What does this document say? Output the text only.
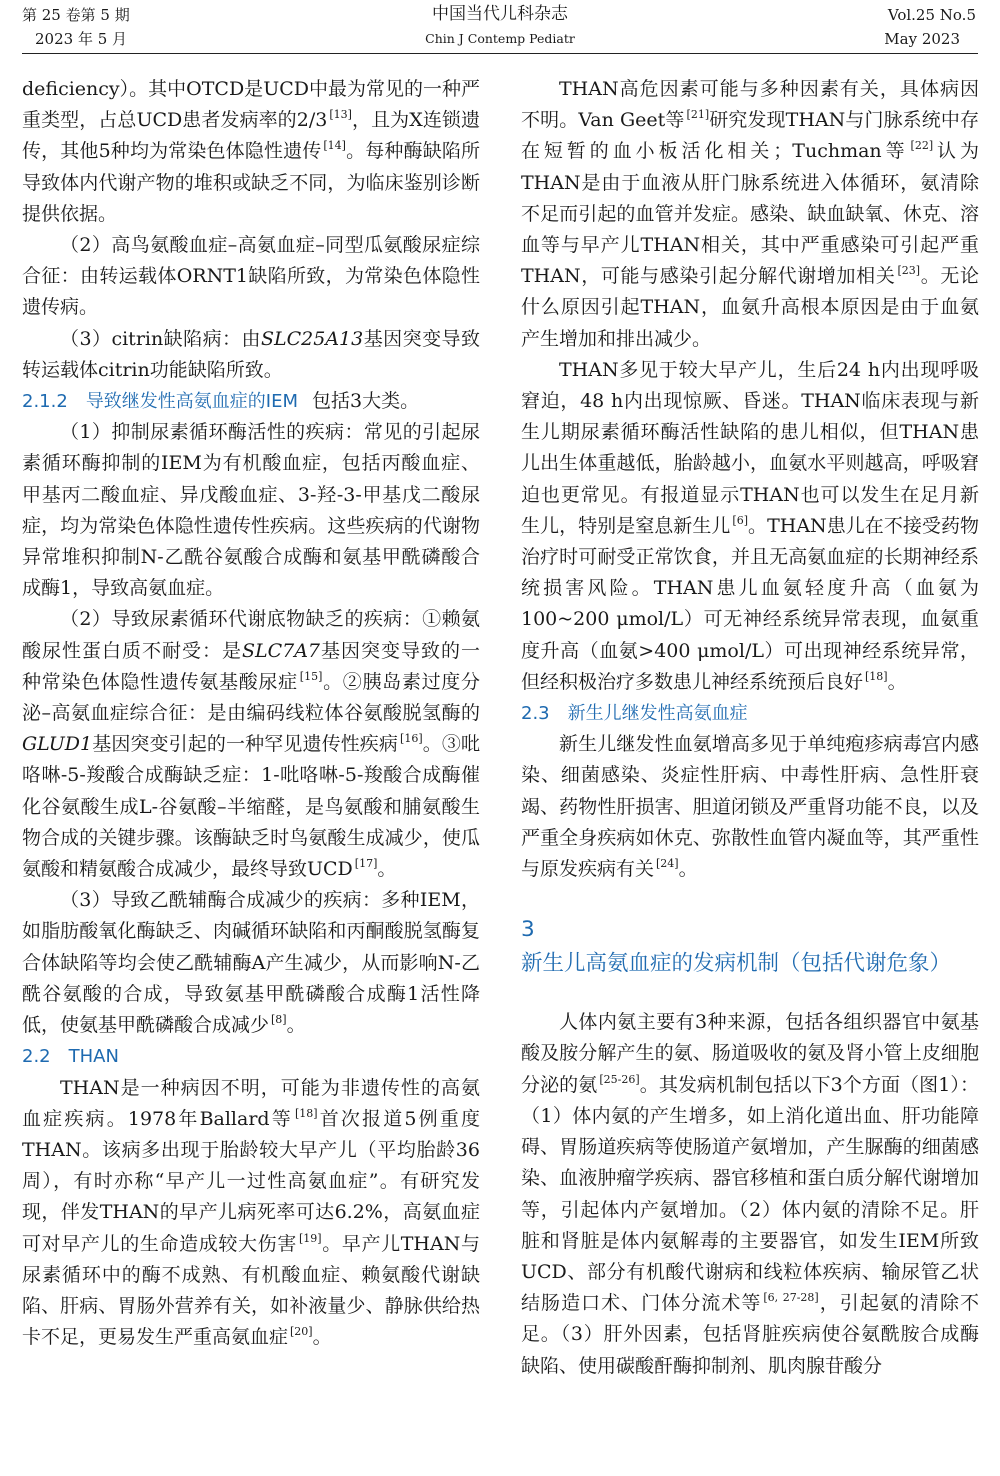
第 25 卷第 5 期

2023 年 5 月

中国当代儿科杂志

Chin J Contemp Pediatr

Vol.25 No.5

May 2023

deficiency）。其中OTCD是UCD中最为常见的一种严重类型，占总UCD患者发病率的2/3 [13]，且为X连锁遗传，其他5种均为常染色体隐性遗传 [14]。每种酶缺陷所导致体内代谢产物的堆积或缺乏不同，为临床鉴别诊断提供依据。

（2）高鸟氨酸血症–高氨血症–同型瓜氨酸尿症综合征：由转运载体ORNT1缺陷所致，为常染色体隐性遗传病。

（3）citrin缺陷病：由SLC25A13基因突变导致转运载体citrin功能缺陷所致。

2.1.2 导致继发性高氨血症的IEM 包括3大类。

（1）抑制尿素循环酶活性的疾病：常见的引起尿素循环酶抑制的IEM为有机酸血症，包括丙酸血症、甲基丙二酸血症、异戊酸血症、3-羟-3-甲基戊二酸尿症，均为常染色体隐性遗传性疾病。这些疾病的代谢物异常堆积抑制N-乙酰谷氨酸合成酶和氨基甲酰磷酸合成酶1，导致高氨血症。

（2）导致尿素循环代谢底物缺乏的疾病：①赖氨酸尿性蛋白质不耐受：是SLC7A7基因突变导致的一种常染色体隐性遗传氨基酸尿症 [15]。②胰岛素过度分泌–高氨血症综合征：是由编码线粒体谷氨酸脱氢酶的GLUD1基因突变引起的一种罕见遗传性疾病 [16]。③吡咯啉-5-羧酸合成酶缺乏症：1-吡咯啉-5-羧酸合成酶催化谷氨酸生成L-谷氨酸–半缩醛，是鸟氨酸和脯氨酸生物合成的关键步骤。该酶缺乏时鸟氨酸生成减少，使瓜氨酸和精氨酸合成减少，最终导致UCD [17]。

（3）导致乙酰辅酶合成减少的疾病：多种IEM，如脂肪酸氧化酶缺乏、肉碱循环缺陷和丙酮酸脱氢酶复合体缺陷等均会使乙酰辅酶A产生减少，从而影响N-乙酰谷氨酸的合成，导致氨基甲酰磷酸合成酶1活性降低，使氨基甲酰磷酸合成减少 [8]。

2.2 THAN

THAN是一种病因不明，可能为非遗传性的高氨血症疾病。1978年Ballard等 [18]首次报道5例重度THAN。该病多出现于胎龄较大早产儿（平均胎龄36周），有时亦称“早产儿一过性高氨血症”。有研究发现，伴发THAN的早产儿病死率可达6.2%，高氨血症可对早产儿的生命造成较大伤害 [19]。早产儿THAN与尿素循环中的酶不成熟、有机酸血症、赖氨酸代谢缺陷、肝病、胃肠外营养有关，如补液量少、静脉供给热卡不足，更易发生严重高氨血症 [20]。

THAN高危因素可能与多种因素有关，具体病因不明。Van Geet等 [21]研究发现THAN与门脉系统中存在短暂的血小板活化相关；Tuchman等 [22]认为THAN是由于血液从肝门脉系统进入体循环，氨清除不足而引起的血管并发症。感染、缺血缺氧、休克、溶血等与早产儿THAN相关，其中严重感染可引起严重THAN，可能与感染引起分解代谢增加相关 [23]。无论什么原因引起THAN，血氨升高根本原因是由于血氨产生增加和排出减少。

THAN多见于较大早产儿，生后24 h内出现呼吸窘迫，48 h内出现惊厥、昏迷。THAN临床表现与新生儿期尿素循环酶活性缺陷的患儿相似，但THAN患儿出生体重越低，胎龄越小，血氨水平则越高，呼吸窘迫也更常见。有报道显示THAN也可以发生在足月新生儿，特别是窒息新生儿 [6]。THAN患儿在不接受药物治疗时可耐受正常饮食，并且无高氨血症的长期神经系统损害风险。THAN患儿血氨轻度升高（血氨为100~200 μmol/L）可无神经系统异常表现，血氨重度升高（血氨>400 μmol/L）可出现神经系统异常，但经积极治疗多数患儿神经系统预后良好 [18]。

2.3 新生儿继发性高氨血症

新生儿继发性血氨增高多见于单纯疱疹病毒宫内感染、细菌感染、炎症性肝病、中毒性肝病、急性肝衰竭、药物性肝损害、胆道闭锁及严重肾功能不良，以及严重全身疾病如休克、弥散性血管内凝血等，其严重性与原发疾病有关 [24]。

3新生儿高氨血症的发病机制（包括代谢危象）

人体内氨主要有3种来源，包括各组织器官中氨基酸及胺分解产生的氨、肠道吸收的氨及肾小管上皮细胞分泌的氨 [25-26]。其发病机制包括以下3个方面（图1）：（1）体内氨的产生增多，如上消化道出血、肝功能障碍、胃肠道疾病等使肠道产氨增加，产生脲酶的细菌感染、血液肿瘤学疾病、器官移植和蛋白质分解代谢增加等，引起体内产氨增加。（2）体内氨的清除不足。肝脏和肾脏是体内氨解毒的主要器官，如发生IEM所致UCD、部分有机酸代谢病和线粒体疾病、输尿管乙状结肠造口术、门体分流术等 [6, 27-28]，引起氨的清除不足。（3）肝外因素，包括肾脏疾病使谷氨酰胺合成酶缺陷、使用碳酸酐酶抑制剂、肌肉腺苷酸分
